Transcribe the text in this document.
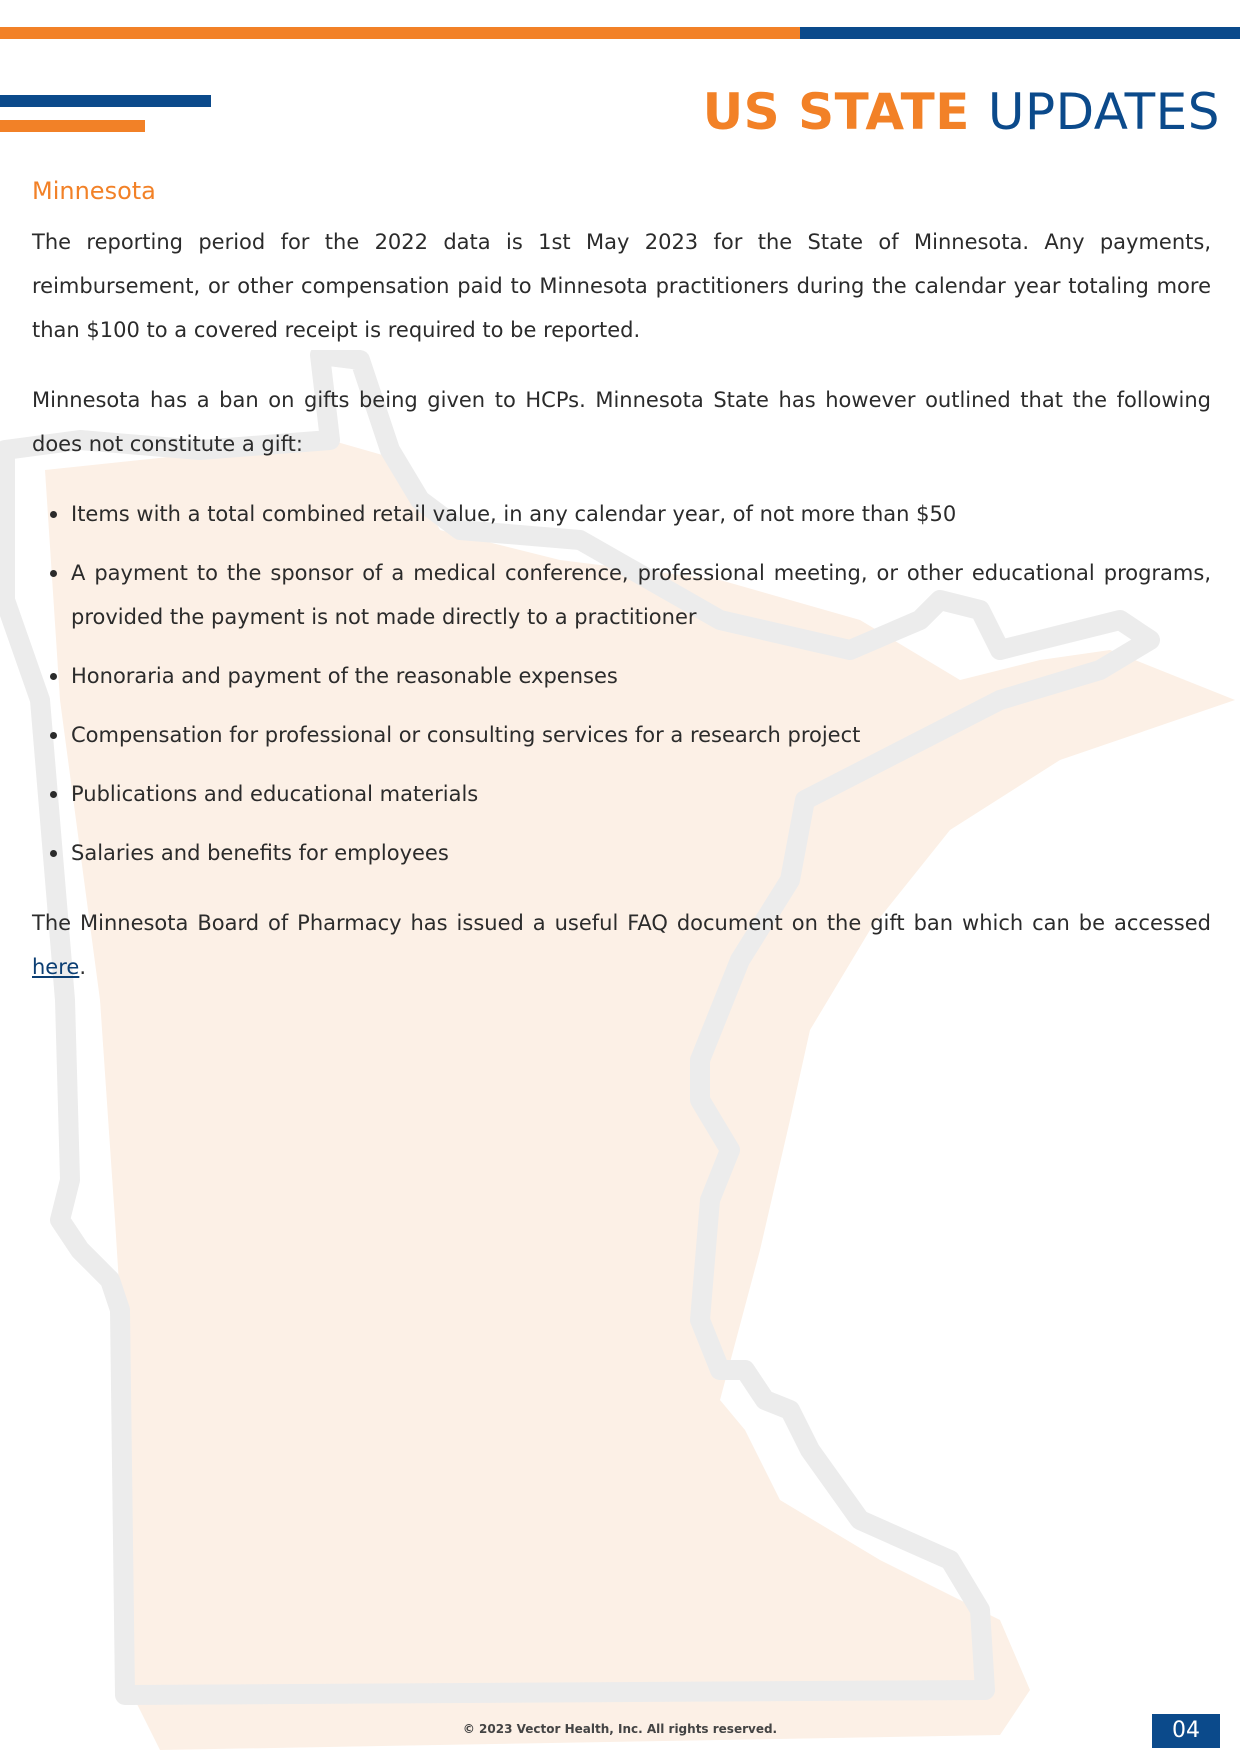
US STATE UPDATES
Minnesota

The reporting period for the 2022 data is 1st May 2023 for the State of Minnesota. Any payments, reimbursement, or other compensation paid to Minnesota practitioners during the calendar year totaling more than $100 to a covered receipt is required to be reported.

Minnesota has a ban on gifts being given to HCPs. Minnesota State has however outlined that the following does not constitute a gift:

Items with a total combined retail value, in any calendar year, of not more than $50
A payment to the sponsor of a medical conference, professional meeting, or other educational programs, provided the payment is not made directly to a practitioner
Honoraria and payment of the reasonable expenses
Compensation for professional or consulting services for a research project
Publications and educational materials
Salaries and benefits for employees

The Minnesota Board of Pharmacy has issued a useful FAQ document on the gift ban which can be accessed here.

© 2023 Vector Health, Inc. All rights reserved.	04
